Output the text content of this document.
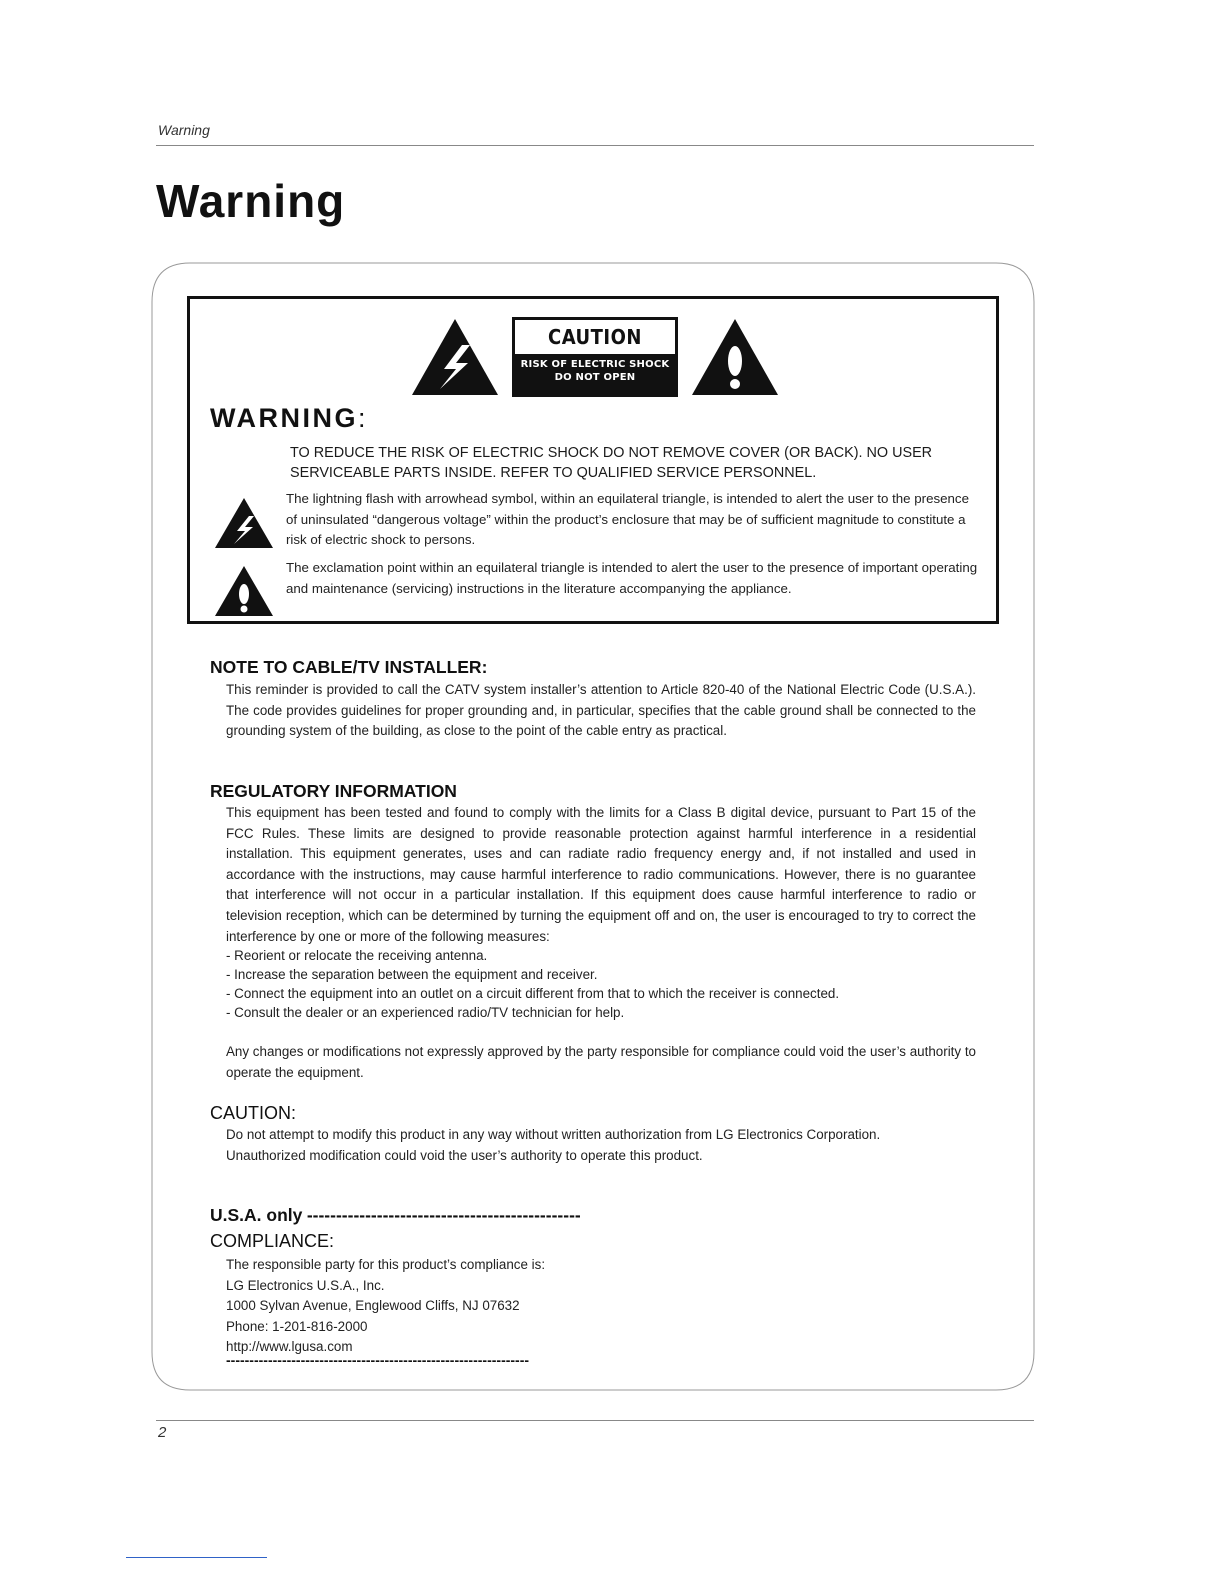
Warning
Warning
CAUTION
RISK OF ELECTRIC SHOCK
DO NOT OPEN
WARNING:
TO REDUCE THE RISK OF ELECTRIC SHOCK DO NOT REMOVE COVER (OR BACK). NO USER SERVICEABLE PARTS INSIDE. REFER TO QUALIFIED SERVICE PERSONNEL.
The lightning flash with arrowhead symbol, within an equilateral triangle, is intended to alert the user to the presence of uninsulated “dangerous voltage” within the product’s enclosure that may be of sufficient magnitude to constitute a risk of electric shock to persons.
The exclamation point within an equilateral triangle is intended to alert the user to the presence of important operating and maintenance (servicing) instructions in the literature accompanying the appliance.
NOTE TO CABLE/TV INSTALLER:
This reminder is provided to call the CATV system installer’s attention to Article 820-40 of the National Electric Code (U.S.A.). The code provides guidelines for proper grounding and, in particular, specifies that the cable ground shall be connected to the grounding system of the building, as close to the point of the cable entry as practical.
REGULATORY INFORMATION
This equipment has been tested and found to comply with the limits for a Class B digital device, pursuant to Part 15 of the FCC Rules. These limits are designed to provide reasonable protection against harmful interference in a residential installation. This equipment generates, uses and can radiate radio frequency energy and, if not installed and used in accordance with the instructions, may cause harmful interference to radio communications. However, there is no guarantee that interference will not occur in a particular installation. If this equipment does cause harmful interference to radio or television reception, which can be determined by turning the equipment off and on, the user is encouraged to try to correct the interference by one or more of the following measures:
- Reorient or relocate the receiving antenna.
- Increase the separation between the equipment and receiver.
- Connect the equipment into an outlet on a circuit different from that to which the receiver is connected.
- Consult the dealer or an experienced radio/TV technician for help.
Any changes or modifications not expressly approved by the party responsible for compliance could void the user’s authority to operate the equipment.
CAUTION:
Do not attempt to modify this product in any way without written authorization from LG Electronics Corporation.
Unauthorized modification could void the user’s authority to operate this product.
U.S.A. only -----------------------------------------------
COMPLIANCE:
The responsible party for this product’s compliance is:
LG Electronics U.S.A., Inc.
1000 Sylvan Avenue, Englewood Cliffs, NJ 07632
Phone: 1-201-816-2000
http://www.lgusa.com
-----------------------------------------------------------------
2
